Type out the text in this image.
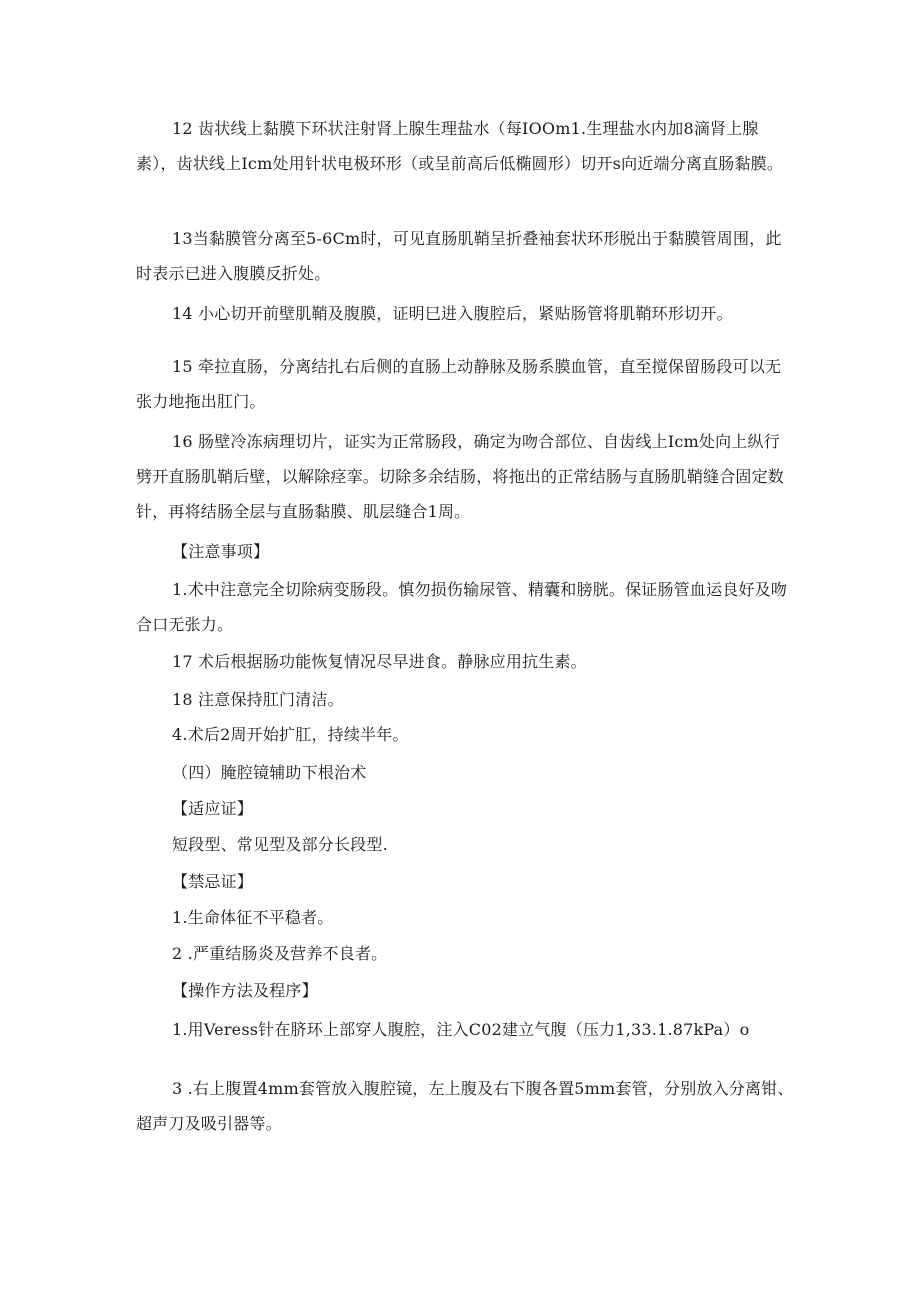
12 齿状线上黏膜下环状注射肾上腺生理盐水（每IOOm1.生理盐水内加8滴肾上腺素），齿状线上Icm处用针状电极环形（或呈前高后低椭圆形）切开s向近端分离直肠黏膜。

13当黏膜管分离至5-6Cm时，可见直肠肌鞘呈折叠袖套状环形脱出于黏膜管周围，此时表示已进入腹膜反折处。

14 小心切开前壁肌鞘及腹膜，证明巳进入腹腔后，紧贴肠管将肌鞘环形切开。

15 牵拉直肠，分离结扎右后侧的直肠上动静脉及肠系膜血管，直至搅保留肠段可以无张力地拖出肛门。

16 肠壁冷冻病理切片，证实为正常肠段，确定为吻合部位、自齿线上Icm处向上纵行劈开直肠肌鞘后壁，以解除痉挛。切除多余结肠，将拖出的正常结肠与直肠肌鞘缝合固定数针，再将结肠全层与直肠黏膜、肌层缝合1周。

【注意事项】

1.术中注意完全切除病变肠段。慎勿损伤输尿管、精囊和膀胱。保证肠管血运良好及吻合口无张力。

17 术后根据肠功能恢复情况尽早进食。静脉应用抗生素。

18 注意保持肛门清洁。

4.术后2周开始扩肛，持续半年。

（四）腌腔镜辅助下根治术

【适应证】

短段型、常见型及部分长段型.

【禁忌证】

1.生命体征不平稳者。

2 .严重结肠炎及营养不良者。

【操作方法及程序】

1.用Veress针在脐环上部穿人腹腔，注入C02建立气腹（压力1,33.1.87kPa）o

3 .右上腹置4mm套管放入腹腔镜，左上腹及右下腹各置5mm套管，分别放入分离钳、超声刀及吸引器等。
